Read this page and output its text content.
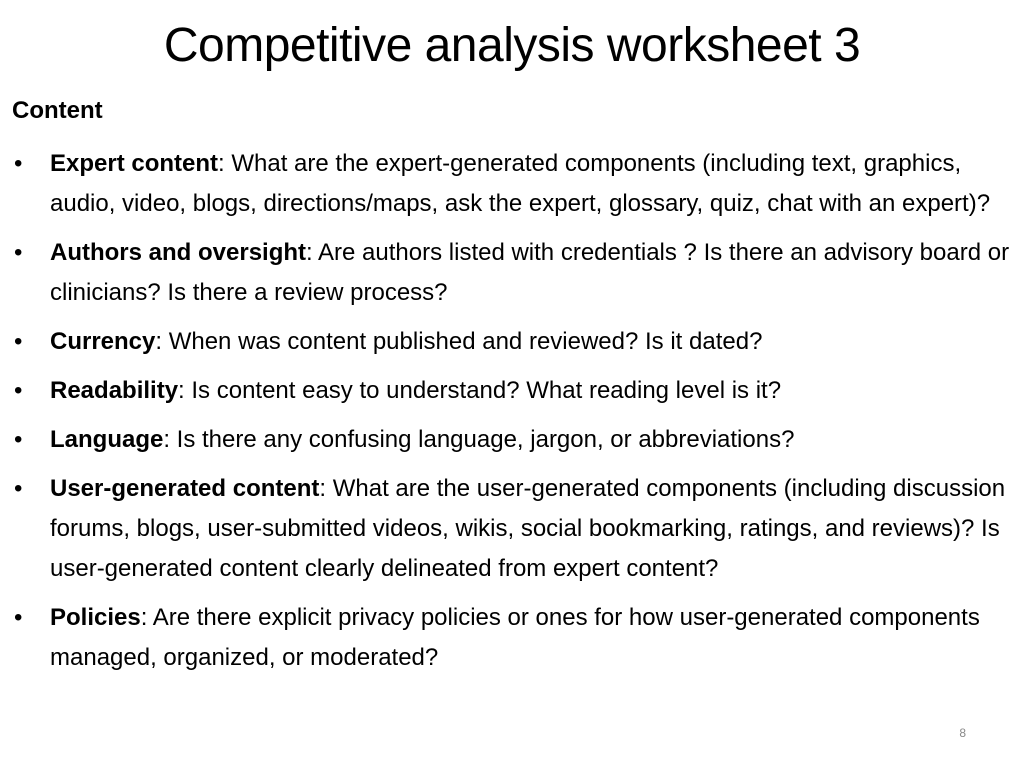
Competitive analysis worksheet 3
Content
• Expert content: What are the expert-generated components (including text, graphics, audio, video, blogs, directions/maps, ask the expert, glossary, quiz, chat with an expert)?
• Authors and oversight: Are authors listed with credentials ? Is there an advisory board or clinicians? Is there a review process?
• Currency: When was content published and reviewed? Is it dated?
• Readability: Is content easy to understand? What reading level is it?
• Language: Is there any confusing language, jargon, or abbreviations?
• User-generated content: What are the user-generated components (including discussion forums, blogs, user-submitted videos, wikis, social bookmarking, ratings, and reviews)? Is user-generated content clearly delineated from expert content?
• Policies: Are there explicit privacy policies or ones for how user-generated components managed, organized, or moderated?
8
